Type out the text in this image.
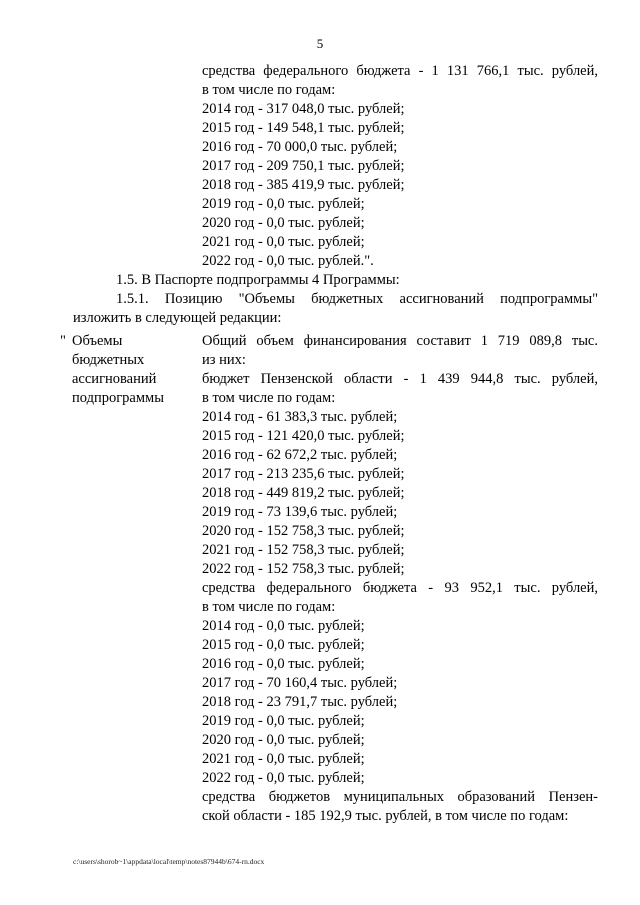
5
средства федерального бюджета - 1 131 766,1 тыс. рублей,
в том числе по годам:
2014 год - 317 048,0 тыс. рублей;
2015 год - 149 548,1 тыс. рублей;
2016 год - 70 000,0 тыс. рублей;
2017 год - 209 750,1 тыс. рублей;
2018 год - 385 419,9 тыс. рублей;
2019 год - 0,0 тыс. рублей;
2020 год - 0,0 тыс. рублей;
2021 год - 0,0 тыс. рублей;
2022 год - 0,0 тыс. рублей.".
1.5. В Паспорте подпрограммы 4 Программы:
1.5.1. Позицию "Объемы бюджетных ассигнований подпрограммы"
изложить в следующей редакции:
" Объемы
бюджетных
ассигнований
подпрограммы
Общий объем финансирования составит 1 719 089,8 тыс.
из них:
бюджет Пензенской области - 1 439 944,8 тыс. рублей,
в том числе по годам:
2014 год - 61 383,3 тыс. рублей;
2015 год - 121 420,0 тыс. рублей;
2016 год - 62 672,2 тыс. рублей;
2017 год - 213 235,6 тыс. рублей;
2018 год - 449 819,2 тыс. рублей;
2019 год - 73 139,6 тыс. рублей;
2020 год - 152 758,3 тыс. рублей;
2021 год - 152 758,3 тыс. рублей;
2022 год - 152 758,3 тыс. рублей;
средства федерального бюджета - 93 952,1 тыс. рублей,
в том числе по годам:
2014 год - 0,0 тыс. рублей;
2015 год - 0,0 тыс. рублей;
2016 год - 0,0 тыс. рублей;
2017 год - 70 160,4 тыс. рублей;
2018 год - 23 791,7 тыс. рублей;
2019 год - 0,0 тыс. рублей;
2020 год - 0,0 тыс. рублей;
2021 год - 0,0 тыс. рублей;
2022 год - 0,0 тыс. рублей;
средства бюджетов муниципальных образований Пензен-
ской области - 185 192,9 тыс. рублей, в том числе по годам:
c:\users\shorob~1\appdata\local\temp\notes87944b\674-rn.docx
